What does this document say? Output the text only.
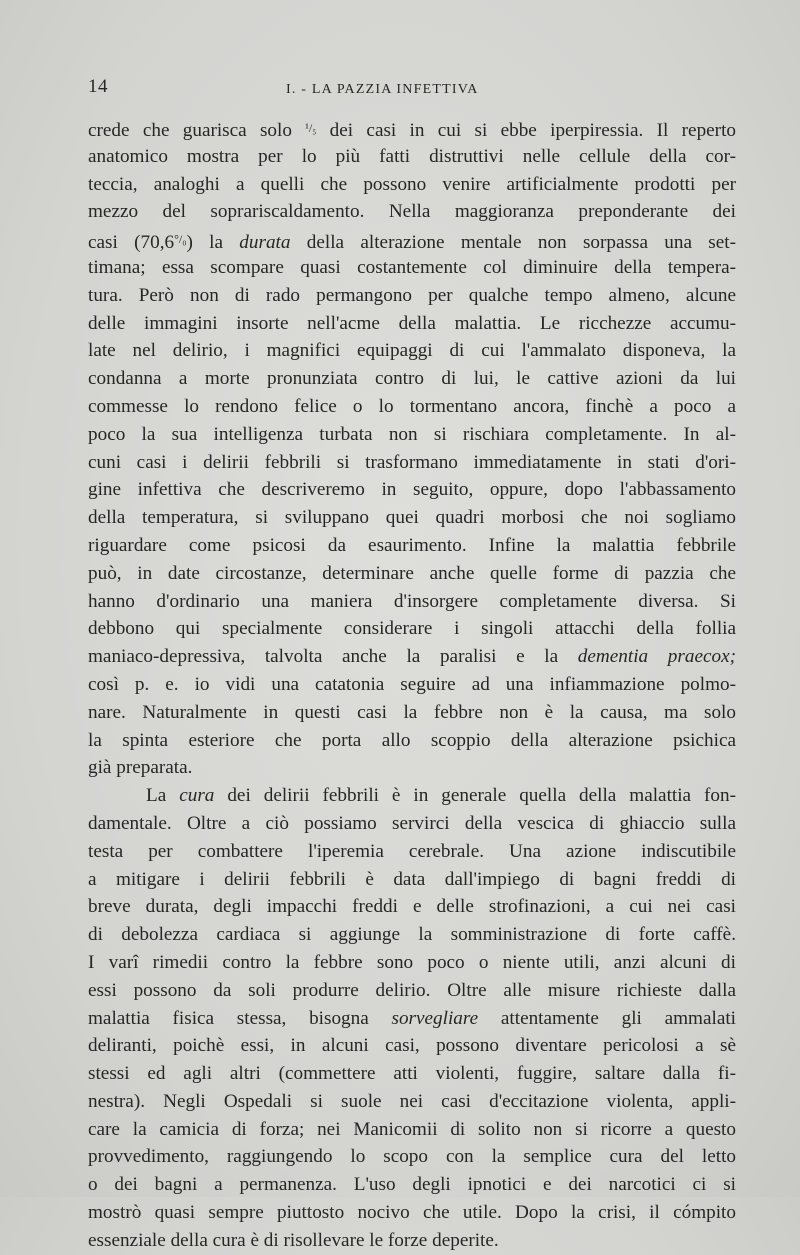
14	I. - LA PAZZIA INFETTIVA
crede che guarisca solo $^{^1/_5}$ dei casi in cui si ebbe iperpiressia. Il reperto
anatomico mostra per lo più fatti distruttivi nelle cellule della cor-
teccia, analoghi a quelli che possono venire artificialmente prodotti per
mezzo del soprariscaldamento. Nella maggioranza preponderante dei
casi $(70,6^{^\circ/_0})$ la durata della alterazione mentale non sorpassa una set-
timana; essa scompare quasi costantemente col diminuire della tempera-
tura. Però non di rado permangono per qualche tempo almeno, alcune
delle immagini insorte nell'acme della malattia. Le ricchezze accumu-
late nel delirio, i magnifici equipaggi di cui l'ammalato disponeva, la
condanna a morte pronunziata contro di lui, le cattive azioni da lui
commesse lo rendono felice o lo tormentano ancora, finchè a poco a
poco la sua intelligenza turbata non si rischiara completamente. In al-
cuni casi i delirii febbrili si trasformano immediatamente in stati d'ori-
gine infettiva che descriveremo in seguito, oppure, dopo l'abbassamento
della temperatura, si sviluppano quei quadri morbosi che noi sogliamo
riguardare come psicosi da esaurimento. Infine la malattia febbrile
può, in date circostanze, determinare anche quelle forme di pazzia che
hanno d'ordinario una maniera d'insorgere completamente diversa. Si
debbono qui specialmente considerare i singoli attacchi della follia
maniaco-depressiva, talvolta anche la paralisi e la dementia praecox;
così p. e. io vidi una catatonia seguire ad una infiammazione polmo-
nare. Naturalmente in questi casi la febbre non è la causa, ma solo
la spinta esteriore che porta allo scoppio della alterazione psichica
già preparata.
La cura dei delirii febbrili è in generale quella della malattia fon-
damentale. Oltre a ciò possiamo servirci della vescica di ghiaccio sulla
testa per combattere l'iperemia cerebrale. Una azione indiscutibile
a mitigare i delirii febbrili è data dall'impiego di bagni freddi di
breve durata, degli impacchi freddi e delle strofinazioni, a cui nei casi
di debolezza cardiaca si aggiunge la somministrazione di forte caffè.
I varî rimedii contro la febbre sono poco o niente utili, anzi alcuni di
essi possono da soli produrre delirio. Oltre alle misure richieste dalla
malattia fisica stessa, bisogna sorvegliare attentamente gli ammalati
deliranti, poichè essi, in alcuni casi, possono diventare pericolosi a sè
stessi ed agli altri (commettere atti violenti, fuggire, saltare dalla fi-
nestra). Negli Ospedali si suole nei casi d'eccitazione violenta, appli-
care la camicia di forza; nei Manicomii di solito non si ricorre a questo
provvedimento, raggiungendo lo scopo con la semplice cura del letto
o dei bagni a permanenza. L'uso degli ipnotici e dei narcotici ci si
mostrò quasi sempre piuttosto nocivo che utile. Dopo la crisi, il cómpito
essenziale della cura è di risollevare le forze deperite.
